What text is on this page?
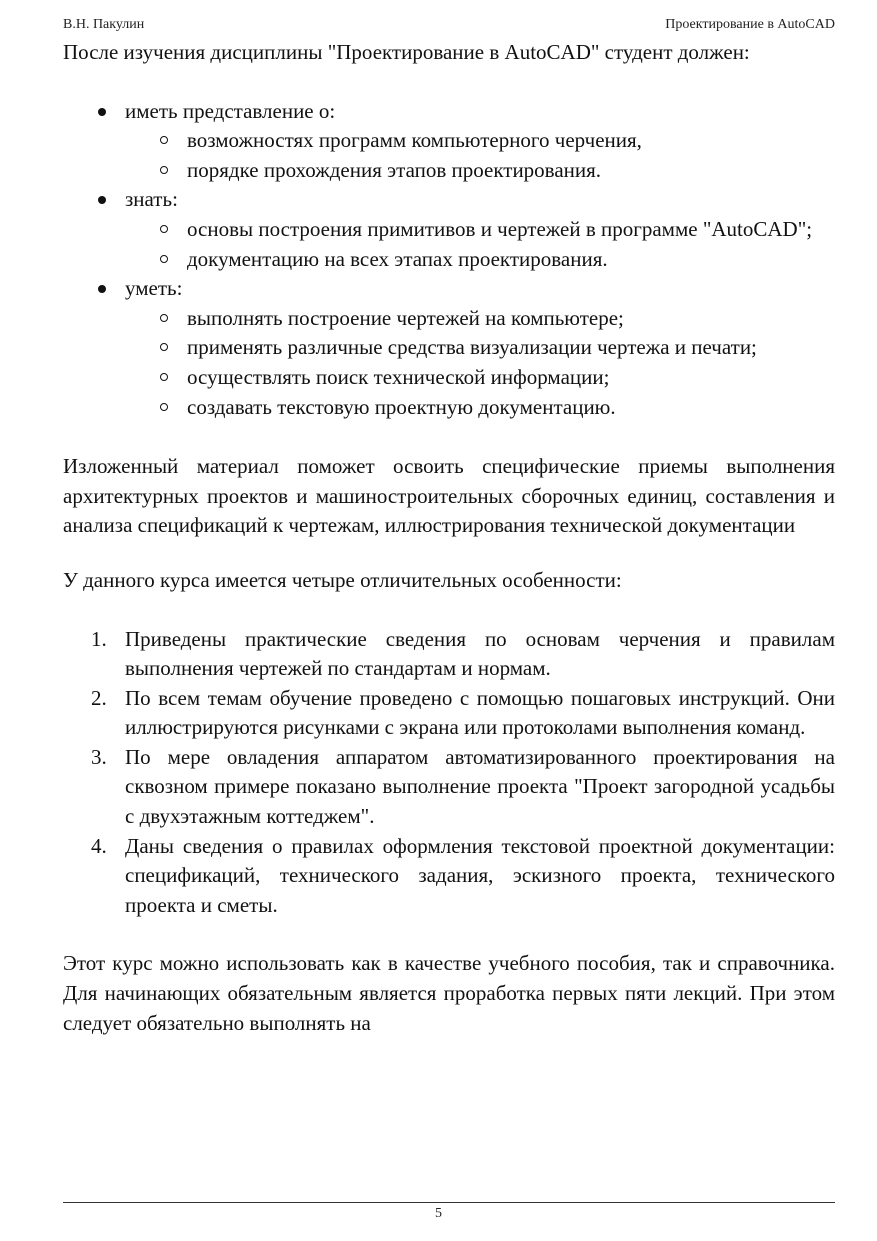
В.Н. Пакулин	Проектирование в AutoCAD

После изучения дисциплины "Проектирование в AutoCAD" студент должен:

иметь представление о:
возможностях программ компьютерного черчения,
порядке прохождения этапов проектирования.
знать:
основы построения примитивов и чертежей в программе "AutoCAD";
документацию на всех этапах проектирования.
уметь:
выполнять построение чертежей на компьютере;
применять различные средства визуализации чертежа и печати;
осуществлять поиск технической информации;
создавать текстовую проектную документацию.

Изложенный материал поможет освоить специфические приемы выполнения архитектурных проектов и машиностроительных сборочных единиц, составления и анализа спецификаций к чертежам, иллюстрирования технической документации

У данного курса имеется четыре отличительных особенности:

1. Приведены практические сведения по основам черчения и правилам выполнения чертежей по стандартам и нормам.
2. По всем темам обучение проведено с помощью пошаговых инструкций. Они иллюстрируются рисунками с экрана или протоколами выполнения команд.
3. По мере овладения аппаратом автоматизированного проектирования на сквозном примере показано выполнение проекта "Проект загородной усадьбы с двухэтажным коттеджем".
4. Даны сведения о правилах оформления текстовой проектной документации: спецификаций, технического задания, эскизного проекта, технического проекта и сметы.

Этот курс можно использовать как в качестве учебного пособия, так и справочника. Для начинающих обязательным является проработка первых пяти лекций. При этом следует обязательно выполнять на

5
